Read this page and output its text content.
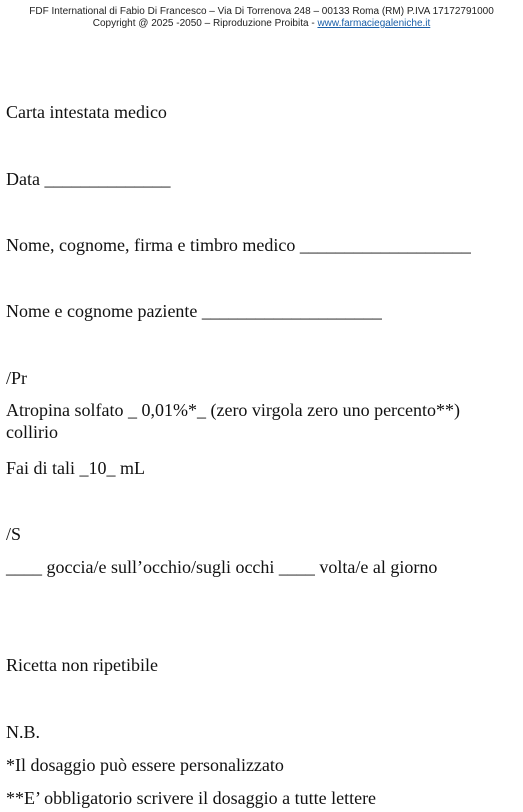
FDF International di Fabio Di Francesco – Via Di Torrenova 248 – 00133 Roma (RM) P.IVA 17172791000
Copyright @ 2025 -2050 – Riproduzione Proibita - www.farmaciegaleniche.it
Carta intestata medico
Data ______________
Nome, cognome, firma e timbro medico ___________________
Nome e cognome paziente ____________________
/Pr
Atropina solfato _ 0,01%*_ (zero virgola zero uno percento**) collirio
Fai di tali _10_ mL
/S
____ goccia/e sull’occhio/sugli occhi ____ volta/e al giorno
Ricetta non ripetibile
N.B.
*Il dosaggio può essere personalizzato
**E’ obbligatorio scrivere il dosaggio a tutte lettere
